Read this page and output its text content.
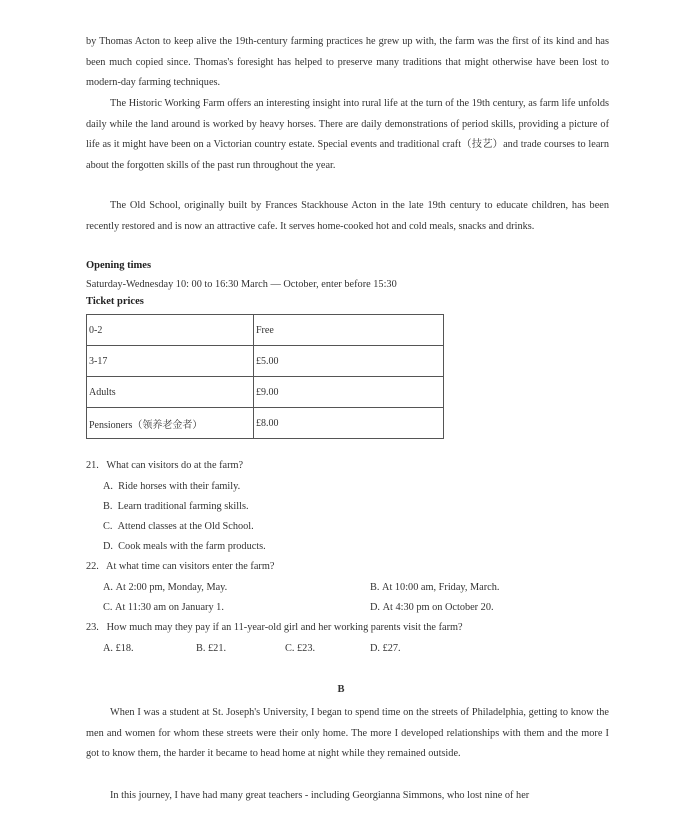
by Thomas Acton to keep alive the 19th-century farming practices he grew up with, the farm was the first of its kind and has been much copied since. Thomas's foresight has helped to preserve many traditions that might otherwise have been lost to modern-day farming techniques.

The Historic Working Farm offers an interesting insight into rural life at the turn of the 19th century, as farm life unfolds daily while the land around is worked by heavy horses. There are daily demonstrations of period skills, providing a picture of life as it might have been on a Victorian country estate. Special events and traditional craft（技艺）and trade courses to learn about the forgotten skills of the past run throughout the year.

The Old School, originally built by Frances Stackhouse Acton in the late 19th century to educate children, has been recently restored and is now an attractive cafe. It serves home-cooked hot and cold meals, snacks and drinks.

Opening times

Saturday-Wednesday 10: 00 to 16:30 March — October, enter before 15:30

Ticket prices

0-2	Free
3-17	£5.00
Adults	£9.00
Pensioners（领养老金者）	£8.00

21. What can visitors do at the farm?

A. Ride horses with their family.

B. Learn traditional farming skills.

C. Attend classes at the Old School.

D. Cook meals with the farm products.

22. At what time can visitors enter the farm?

A. At 2:00 pm, Monday, May.	B. At 10:00 am, Friday, March.

C. At 11:30 am on January 1.	D. At 4:30 pm on October 20.

23. How much may they pay if an 11-year-old girl and her working parents visit the farm?

A. £18.	B. £21.	C. £23.	D. £27.

B

When I was a student at St. Joseph's University, I began to spend time on the streets of Philadelphia, getting to know the men and women for whom these streets were their only home. The more I developed relationships with them and the more I got to know them, the harder it became to head home at night while they remained outside.

In this journey, I have had many great teachers - including Georgianna Simmons, who lost nine of her
